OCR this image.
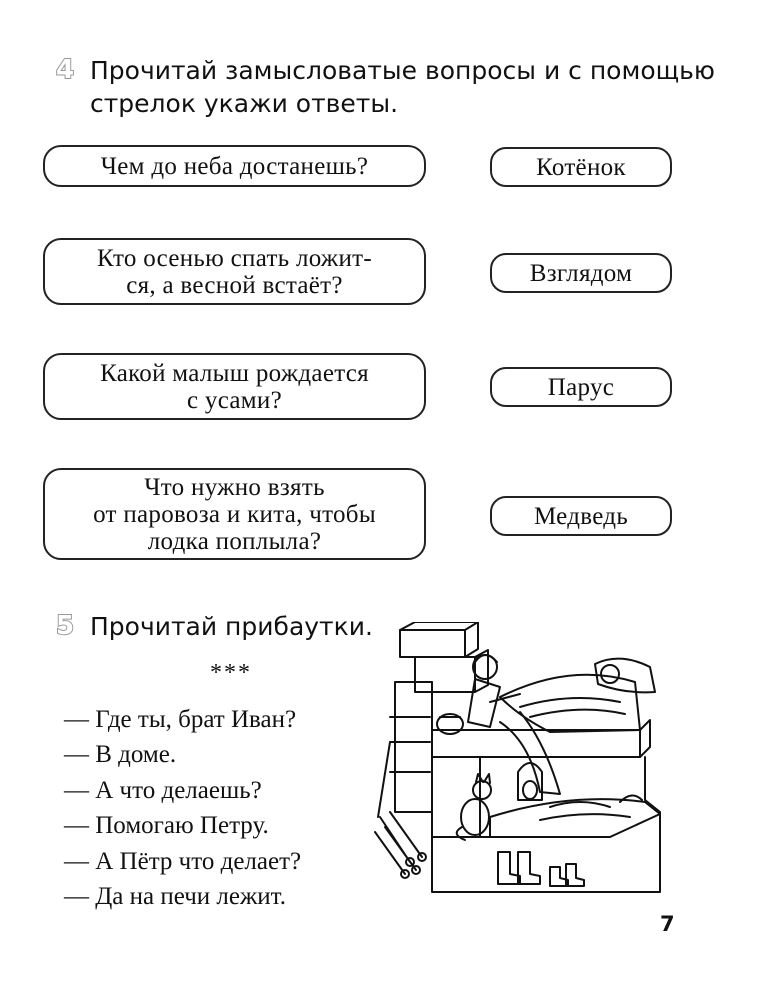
4 Прочитай замысловатые вопросы и с помощью
стрелок укажи ответы.
Чем до неба достанешь?	Котёнок
Кто осенью спать ложит-
ся, а весной встаёт?	Взглядом
Какой малыш рождается
с усами?	Парус
Что нужно взять
от паровоза и кита, чтобы
лодка поплыла?
Медведь
5 Прочитай прибаутки.
***
— Где ты, брат Иван?
— В доме.
— А что делаешь?
— Помогаю Петру.
— А Пётр что делает?
— Да на печи лежит.
7
